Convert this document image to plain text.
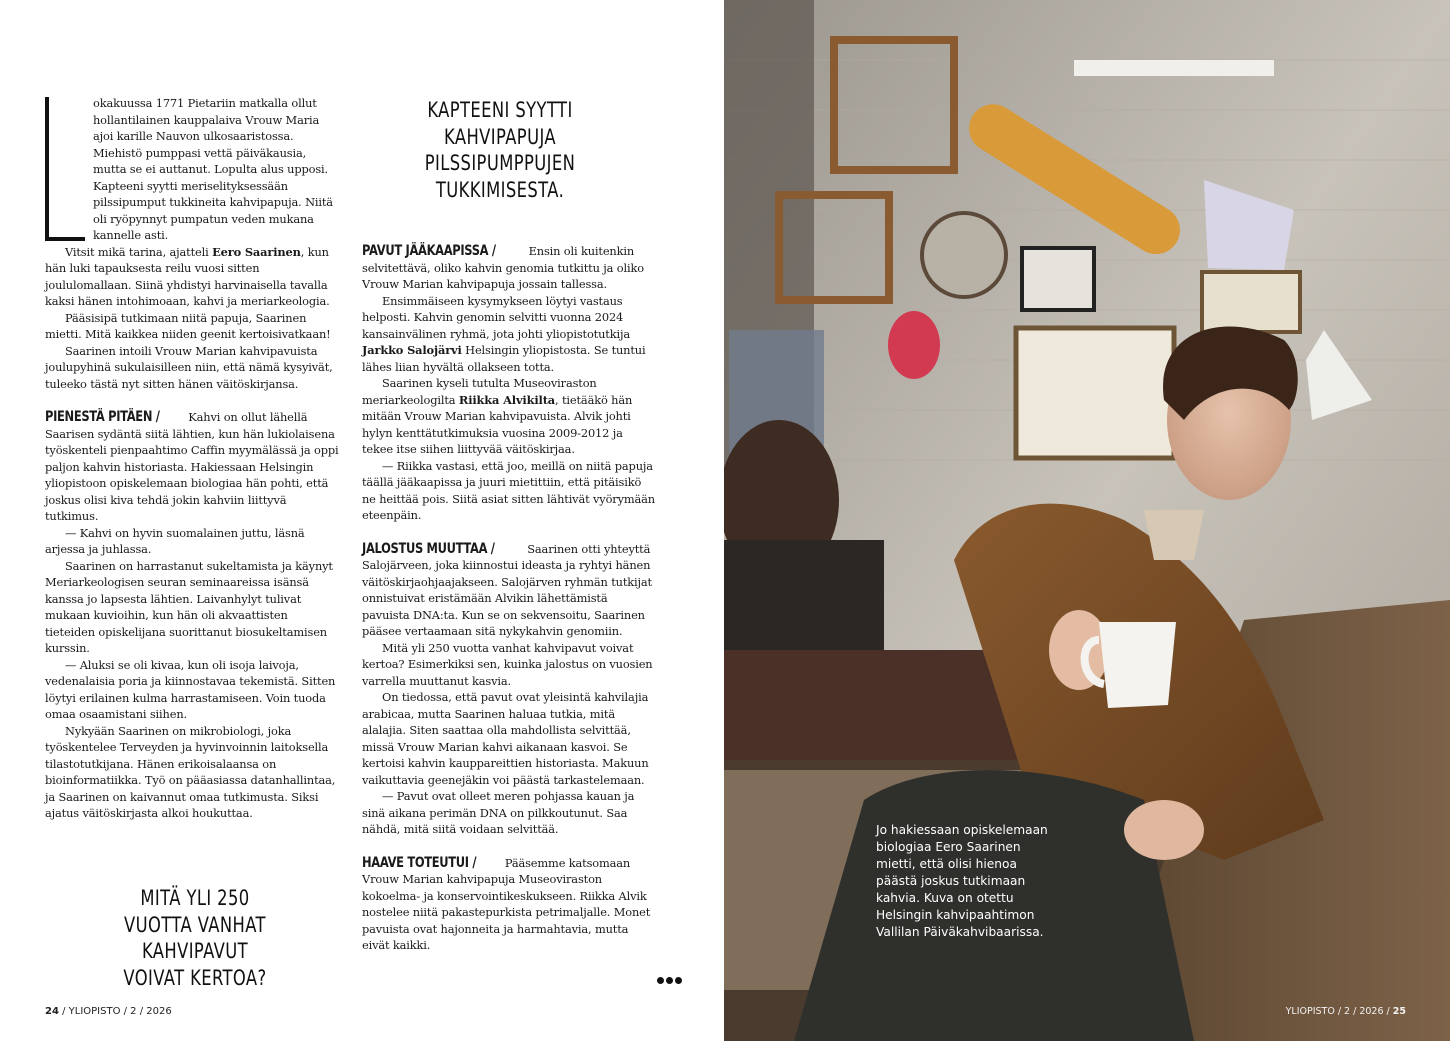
okakuussa 1771 Pietariin matkalla ollut hollantilainen kauppalaiva Vrouw Maria ajoi karille Nauvon ulkosaaristossa. Miehistö pumppasi vettä päiväkausia, mutta se ei auttanut. Lopulta alus upposi. Kapteeni syytti meriselityksessään pilssipumput tukkineita kahvipapuja. Niitä oli ryöpynnyt pumpatun veden mukana kannelle asti.

Vitsit mikä tarina, ajatteli Eero Saarinen, kun hän luki tapauksesta reilu vuosi sitten joululomallaan. Siinä yhdistyi harvinaisella tavalla kaksi hänen intohimoaan, kahvi ja meriarkeologia.

Pääsisipä tutkimaan niitä papuja, Saarinen mietti. Mitä kaikkea niiden geenit kertoisivatkaan!

Saarinen intoili Vrouw Marian kahvipavuista joulupyhinä sukulaisilleen niin, että nämä kysyivät, tuleeko tästä nyt sitten hänen väitöskirjansa.

PIENESTÄ PITÄEN / Kahvi on ollut lähellä Saarisen sydäntä siitä lähtien, kun hän lukiolaisena työskenteli pienpaahtimo Caffin myymälässä ja oppi paljon kahvin historiasta. Hakiessaan Helsingin yliopistoon opiskelemaan biologiaa hän pohti, että joskus olisi kiva tehdä jokin kahviin liittyvä tutkimus.

— Kahvi on hyvin suomalainen juttu, läsnä arjessa ja juhlassa.

Saarinen on harrastanut sukeltamista ja käynyt Meriarkeologisen seuran seminaareissa isänsä kanssa jo lapsesta lähtien. Laivanhylyt tulivat mukaan kuvioihin, kun hän oli akvaattisten tieteiden opiskelijana suorittanut biosukeltamisen kurssin.

— Aluksi se oli kivaa, kun oli isoja laivoja, vedenalaisia poria ja kiinnostavaa tekemistä. Sitten löytyi erilainen kulma harrastamiseen. Voin tuoda omaa osaamistani siihen.

Nykyään Saarinen on mikrobiologi, joka työskentelee Terveyden ja hyvinvoinnin laitoksella tilastotutkijana. Hänen erikoisalaansa on bioinformatiikka. Työ on pääasiassa datanhallintaa, ja Saarinen on kaivannut omaa tutkimusta. Siksi ajatus väitöskirjasta alkoi houkuttaa.

KAPTEENI SYYTTI
KAHVIPAPUJA
PILSSIPUMPPUJEN
TUKKIMISESTA.

PAVUT JÄÄKAAPISSA /	Ensin oli kuitenkin selvitettävä, oliko kahvin genomia tutkittu ja oliko Vrouw Marian kahvipapuja jossain tallessa.

Ensimmäiseen kysymykseen löytyi vastaus helposti. Kahvin genomin selvitti vuonna 2024 kansainvälinen ryhmä, jota johti yliopistotutkija Jarkko Salojärvi Helsingin yliopistosta. Se tuntui lähes liian hyvältä ollakseen totta.

Saarinen kyseli tutulta Museoviraston meriarkeologilta Riikka Alvikilta, tietääkö hän mitään Vrouw Marian kahvipavuista. Alvik johti hylyn kenttätutkimuksia vuosina 2009-2012 ja tekee itse siihen liittyvää väitöskirjaa.

— Riikka vastasi, että joo, meillä on niitä papuja täällä jääkaapissa ja juuri mietittiin, että pitäisikö ne heittää pois. Siitä asiat sitten lähtivät vyörymään eteenpäin.

JALOSTUS MUUTTAA /	Saarinen otti yhteyttä Salojärveen, joka kiinnostui ideasta ja ryhtyi hänen väitöskirjaohjaajakseen. Salojärven ryhmän tutkijat onnistuivat eristämään Alvikin lähettämistä pavuista DNA:ta. Kun se on sekvensoitu, Saarinen pääsee vertaamaan sitä nykykahvin genomiin.

Mitä yli 250 vuotta vanhat kahvipavut voivat kertoa? Esimerkiksi sen, kuinka jalostus on vuosien varrella muuttanut kasvia.

On tiedossa, että pavut ovat yleisintä kahvilajia arabicaa, mutta Saarinen haluaa tutkia, mitä alalajia. Siten saattaa olla mahdollista selvittää, missä Vrouw Marian kahvi aikanaan kasvoi. Se kertoisi kahvin kauppareittien historiasta. Makuun vaikuttavia geenejäkin voi päästä tarkastelemaan.

— Pavut ovat olleet meren pohjassa kauan ja sinä aikana perimän DNA on pilkkoutunut. Saa nähdä, mitä siitä voidaan selvittää.

HAAVE TOTEUTUI / Pääsemme katsomaan Vrouw Marian kahvipapuja Museoviraston kokoelma- ja konservointikeskukseen. Riikka Alvik nostelee niitä pakastepurkista petrimaljalle. Monet pavuista ovat hajonneita ja harmahtavia, mutta eivät kaikki.

MITÄ YLI 250
VUOTTA VANHAT
KAHVIPAVUT
VOIVAT KERTOA?
24 / YLIOPISTO / 2 / 2026
Jo hakiessaan opiskelemaan biologiaa Eero Saarinen mietti, että olisi hienoa päästä joskus tutkimaan kahvia. Kuva on otettu Helsingin kahvipaahtimon Vallilan Päiväkahvibaarissa.
YLIOPISTO / 2 / 2026 / 25
